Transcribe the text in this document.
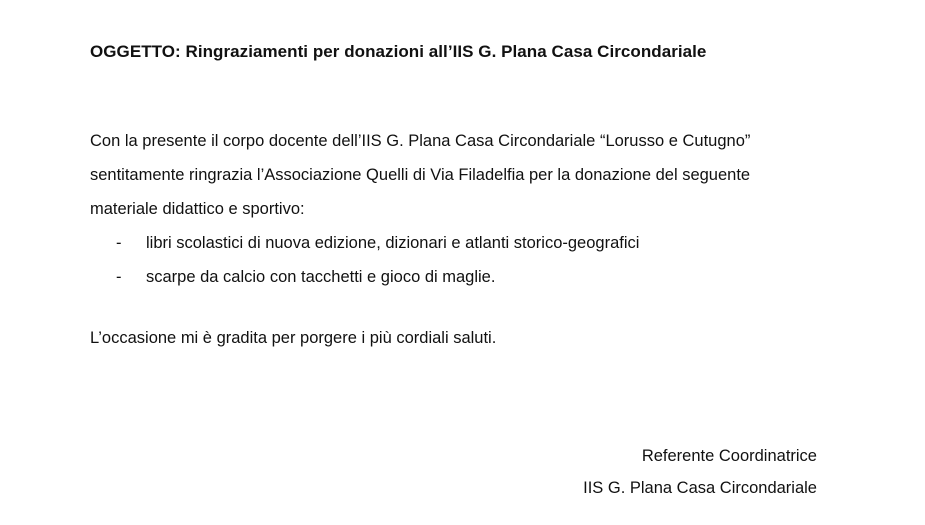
OGGETTO: Ringraziamenti per donazioni all’IIS G. Plana Casa Circondariale
Con la presente il corpo docente dell’IIS G. Plana Casa Circondariale “Lorusso e Cutugno”
sentitamente ringrazia l’Associazione Quelli di Via Filadelfia per la donazione del seguente
materiale didattico e sportivo:
-	libri scolastici di nuova edizione, dizionari e atlanti storico-geografici
-	scarpe da calcio con tacchetti e gioco di maglie.
L’occasione mi è gradita per porgere i più cordiali saluti.
Referente Coordinatrice
IIS G. Plana Casa Circondariale
